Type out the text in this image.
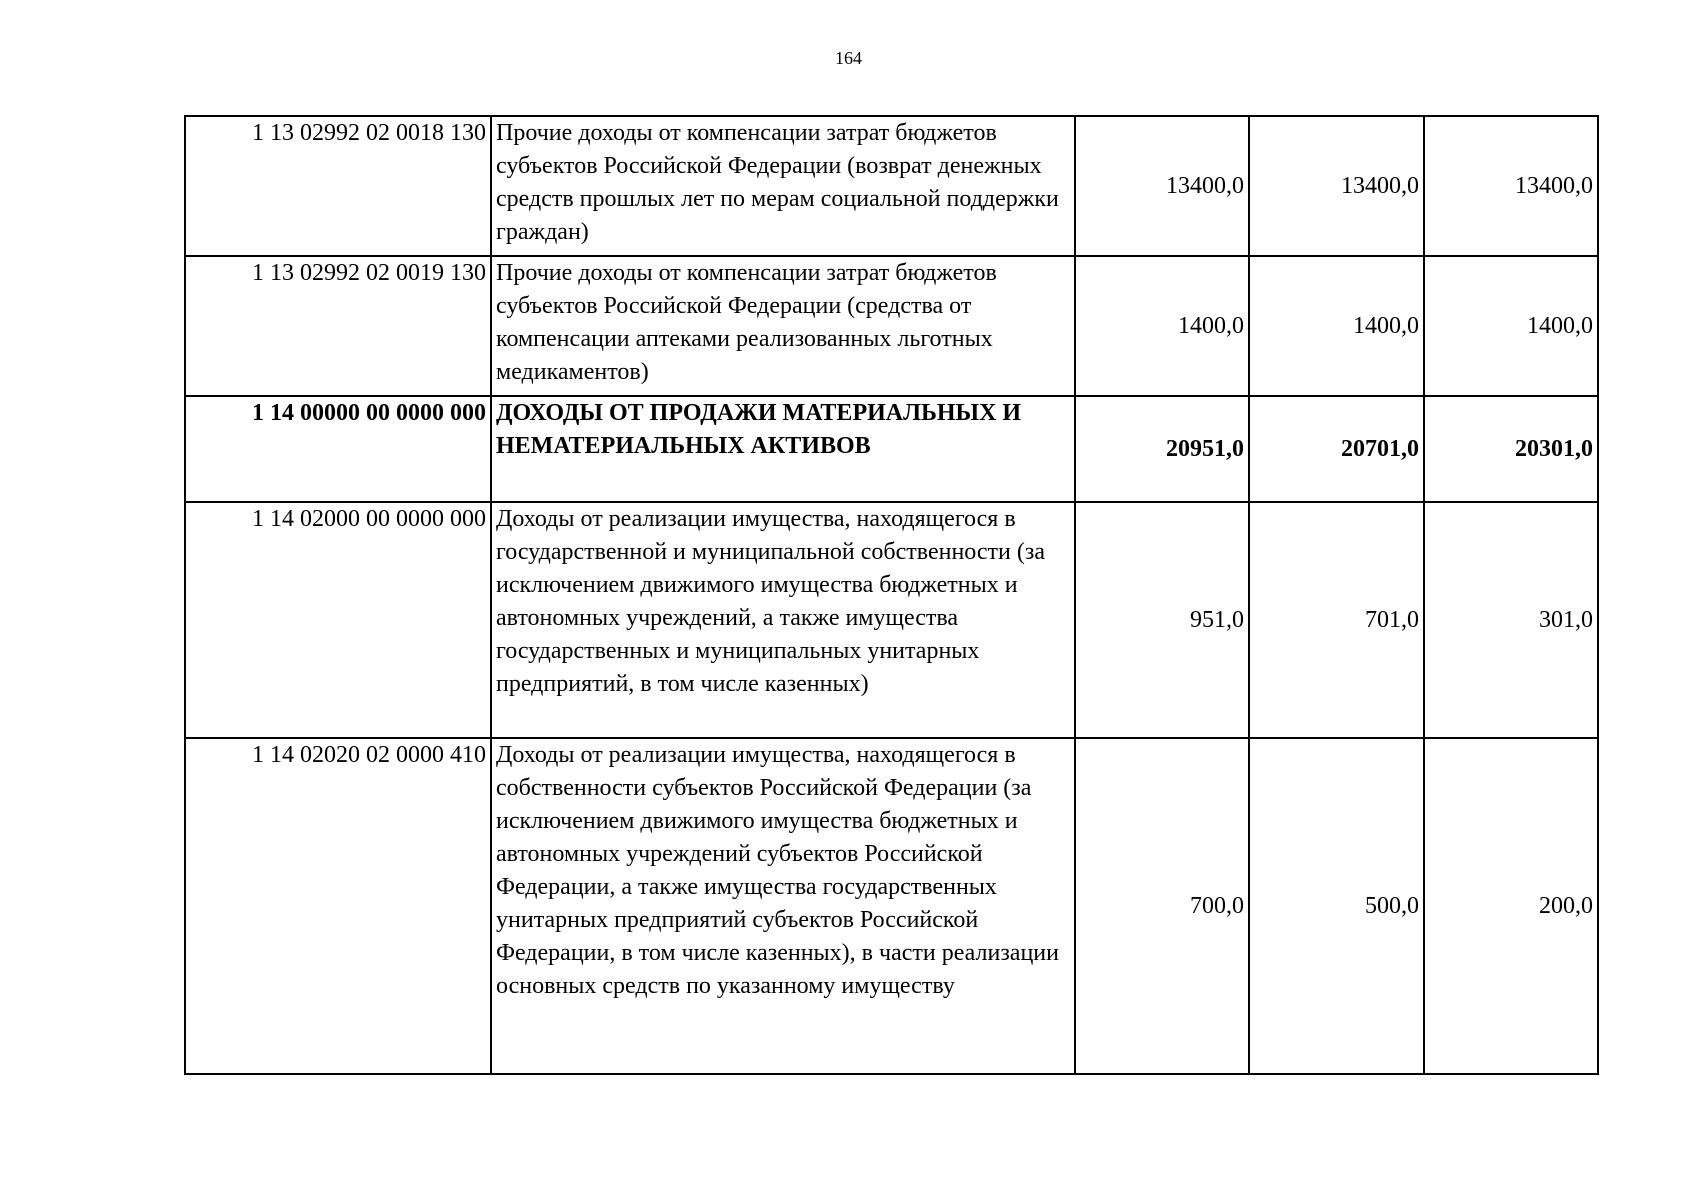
164
1 13 02992 02 0018 130	Прочие доходы от компенсации затрат бюджетов субъектов Российской Федерации (возврат денежных средств прошлых лет по мерам социальной поддержки граждан)	13400,0	13400,0	13400,0
1 13 02992 02 0019 130	Прочие доходы от компенсации затрат бюджетов субъектов Российской Федерации (средства от компенсации аптеками реализованных льготных медикаментов)	1400,0	1400,0	1400,0
1 14 00000 00 0000 000	ДОХОДЫ ОТ ПРОДАЖИ МАТЕРИАЛЬНЫХ И НЕМАТЕРИАЛЬНЫХ АКТИВОВ	20951,0	20701,0	20301,0
1 14 02000 00 0000 000	Доходы от реализации имущества, находящегося в государственной и муниципальной собственности (за исключением движимого имущества бюджетных и автономных учреждений, а также имущества государственных и муниципальных унитарных предприятий, в том числе казенных)	951,0	701,0	301,0
1 14 02020 02 0000 410	Доходы от реализации имущества, находящегося в собственности субъектов Российской Федерации (за исключением движимого имущества бюджетных и автономных учреждений субъектов Российской Федерации, а также имущества государственных унитарных предприятий субъектов Российской Федерации, в том числе казенных), в части реализации основных средств по указанному имуществу	700,0	500,0	200,0
